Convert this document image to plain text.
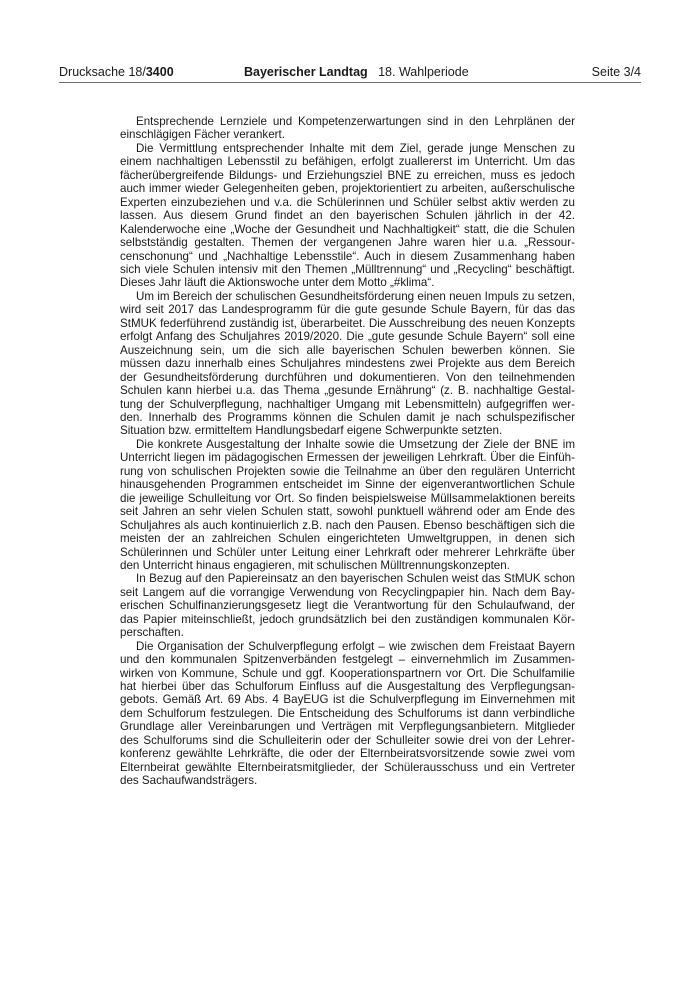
Drucksache 18/3400	Bayerischer Landtag 18. Wahlperiode	Seite 3/4

Entsprechende Lernziele und Kompetenzerwartungen sind in den Lehrplänen der einschlägigen Fächer verankert.

Die Vermittlung entsprechender Inhalte mit dem Ziel, gerade junge Menschen zu einem nachhaltigen Lebensstil zu befähigen, erfolgt zuallererst im Unterricht. Um das fächerübergreifende Bildungs- und Erziehungsziel BNE zu erreichen, muss es jedoch auch immer wieder Gelegenheiten geben, projektorientiert zu arbeiten, außerschulische Experten einzubeziehen und v.a. die Schülerinnen und Schüler selbst aktiv werden zu lassen. Aus diesem Grund findet an den bayerischen Schulen jährlich in der 42. Kalenderwoche eine „Woche der Gesundheit und Nachhaltigkeit“ statt, die die Schulen selbstständig gestalten. Themen der vergangenen Jahre waren hier u.a. „Ressourcenschonung“ und „Nachhaltige Lebensstile“. Auch in diesem Zusammenhang haben sich viele Schulen intensiv mit den Themen „Mülltrennung“ und „Recycling“ beschäftigt. Dieses Jahr läuft die Aktionswoche unter dem Motto „#klima“.

Um im Bereich der schulischen Gesundheitsförderung einen neuen Impuls zu setzen, wird seit 2017 das Landesprogramm für die gute gesunde Schule Bayern, für das das StMUK federführend zuständig ist, überarbeitet. Die Ausschreibung des neuen Konzepts erfolgt Anfang des Schuljahres 2019/2020. Die „gute gesunde Schule Bayern“ soll eine Auszeichnung sein, um die sich alle bayerischen Schulen bewerben können. Sie müssen dazu innerhalb eines Schuljahres mindestens zwei Projekte aus dem Bereich der Gesundheitsförderung durchführen und dokumentieren. Von den teilnehmenden Schulen kann hierbei u.a. das Thema „gesunde Ernährung“ (z. B. nachhaltige Gestaltung der Schulverpflegung, nachhaltiger Umgang mit Lebensmitteln) aufgegriffen werden. Innerhalb des Programms können die Schulen damit je nach schulspezifischer Situation bzw. ermitteltem Handlungsbedarf eigene Schwerpunkte setzten.

Die konkrete Ausgestaltung der Inhalte sowie die Umsetzung der Ziele der BNE im Unterricht liegen im pädagogischen Ermessen der jeweiligen Lehrkraft. Über die Einführung von schulischen Projekten sowie die Teilnahme an über den regulären Unterricht hinausgehenden Programmen entscheidet im Sinne der eigenverantwortlichen Schule die jeweilige Schulleitung vor Ort. So finden beispielsweise Müllsammelaktionen bereits seit Jahren an sehr vielen Schulen statt, sowohl punktuell während oder am Ende des Schuljahres als auch kontinuierlich z.B. nach den Pausen. Ebenso beschäftigen sich die meisten der an zahlreichen Schulen eingerichteten Umweltgruppen, in denen sich Schülerinnen und Schüler unter Leitung einer Lehrkraft oder mehrerer Lehrkräfte über den Unterricht hinaus engagieren, mit schulischen Mülltrennungskonzepten.

In Bezug auf den Papiereinsatz an den bayerischen Schulen weist das StMUK schon seit Langem auf die vorrangige Verwendung von Recyclingpapier hin. Nach dem Bayerischen Schulfinanzierungsgesetz liegt die Verantwortung für den Schulaufwand, der das Papier miteinschließt, jedoch grundsätzlich bei den zuständigen kommunalen Körperschaften.

Die Organisation der Schulverpflegung erfolgt – wie zwischen dem Freistaat Bayern und den kommunalen Spitzenverbänden festgelegt – einvernehmlich im Zusammenwirken von Kommune, Schule und ggf. Kooperationspartnern vor Ort. Die Schulfamilie hat hierbei über das Schulforum Einfluss auf die Ausgestaltung des Verpflegungsangebots. Gemäß Art. 69 Abs. 4 BayEUG ist die Schulverpflegung im Einvernehmen mit dem Schulforum festzulegen. Die Entscheidung des Schulforums ist dann verbindliche Grundlage aller Vereinbarungen und Verträgen mit Verpflegungsanbietern. Mitglieder des Schulforums sind die Schulleiterin oder der Schulleiter sowie drei von der Lehrerkonferenz gewählte Lehrkräfte, die oder der Elternbeiratsvorsitzende sowie zwei vom Elternbeirat gewählte Elternbeiratsmitglieder, der Schülerausschuss und ein Vertreter des Sachaufwandsträgers.
